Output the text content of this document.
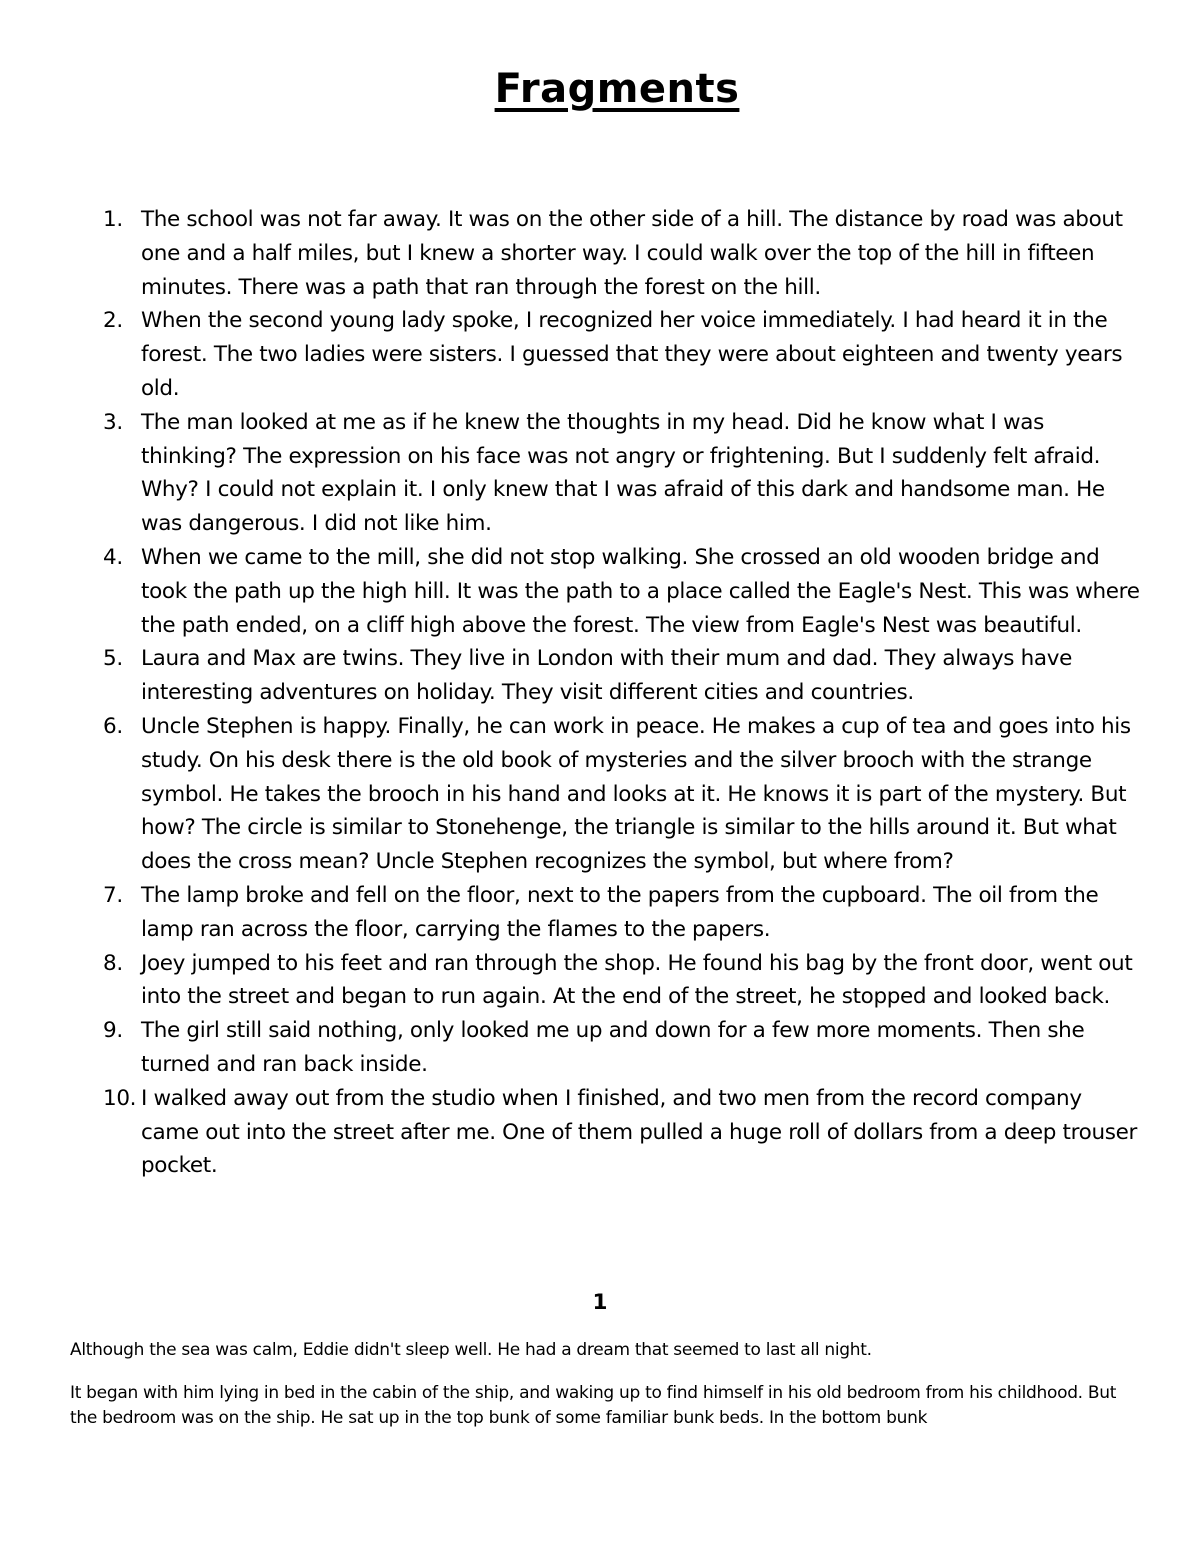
Fragments
1. The school was not far away. It was on the other side of a hill. The distance by road was about one and a half miles, but I knew a shorter way. I could walk over the top of the hill in fifteen minutes. There was a path that ran through the forest on the hill.
2. When the second young lady spoke, I recognized her voice immediately. I had heard it in the forest. The two ladies were sisters. I guessed that they were about eighteen and twenty years old.
3. The man looked at me as if he knew the thoughts in my head. Did he know what I was thinking? The expression on his face was not angry or frightening. But I suddenly felt afraid. Why? I could not explain it. I only knew that I was afraid of this dark and handsome man. He was dangerous. I did not like him.
4. When we came to the mill, she did not stop walking. She crossed an old wooden bridge and took the path up the high hill. It was the path to a place called the Eagle's Nest. This was where the path ended, on a cliff high above the forest. The view from Eagle's Nest was beautiful.
5. Laura and Max are twins. They live in London with their mum and dad. They always have interesting adventures on holiday. They visit different cities and countries.
6. Uncle Stephen is happy. Finally, he can work in peace. He makes a cup of tea and goes into his study. On his desk there is the old book of mysteries and the silver brooch with the strange symbol. He takes the brooch in his hand and looks at it. He knows it is part of the mystery. But how? The circle is similar to Stonehenge, the triangle is similar to the hills around it. But what does the cross mean? Uncle Stephen recognizes the symbol, but where from?
7. The lamp broke and fell on the floor, next to the papers from the cupboard. The oil from the lamp ran across the floor, carrying the flames to the papers.
8. Joey jumped to his feet and ran through the shop. He found his bag by the front door, went out into the street and began to run again. At the end of the street, he stopped and looked back.
9. The girl still said nothing, only looked me up and down for a few more moments. Then she turned and ran back inside.
10. I walked away out from the studio when I finished, and two men from the record company came out into the street after me. One of them pulled a huge roll of dollars from a deep trouser pocket.

1

Although the sea was calm, Eddie didn't sleep well. He had a dream that seemed to last all night.

It began with him lying in bed in the cabin of the ship, and waking up to find himself in his old bedroom from his childhood. But the bedroom was on the ship. He sat up in the top bunk of some familiar bunk beds. In the bottom bunk
